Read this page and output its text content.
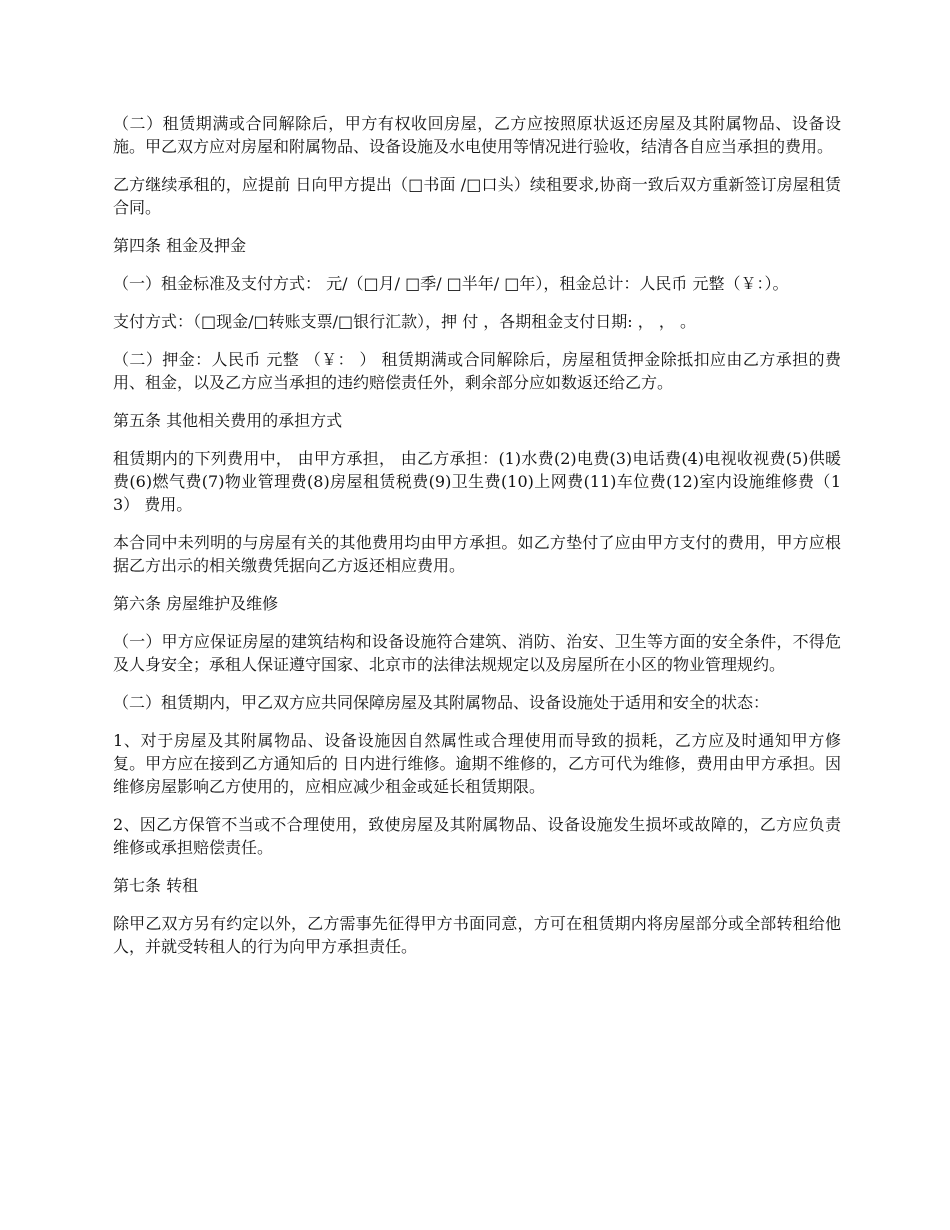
（二）租赁期满或合同解除后，甲方有权收回房屋，乙方应按照原状返还房屋及其附属物品、设备设施。甲乙双方应对房屋和附属物品、设备设施及水电使用等情况进行验收，结清各自应当承担的费用。

乙方继续承租的，应提前 日向甲方提出（□书面 /□口头）续租要求,协商一致后双方重新签订房屋租赁合同。

第四条 租金及押金

（一）租金标准及支付方式： 元/（□月/ □季/ □半年/ □年），租金总计：人民币 元整（￥：）。

支付方式：（□现金/□转账支票/□银行汇款），押 付 ，各期租金支付日期: ， ， 。

（二）押金：人民币 元整 （￥： ） 租赁期满或合同解除后，房屋租赁押金除抵扣应由乙方承担的费用、租金，以及乙方应当承担的违约赔偿责任外，剩余部分应如数返还给乙方。

第五条 其他相关费用的承担方式

租赁期内的下列费用中， 由甲方承担， 由乙方承担：(1)水费(2)电费(3)电话费(4)电视收视费(5)供暖费(6)燃气费(7)物业管理费(8)房屋租赁税费(9)卫生费(10)上网费(11)车位费(12)室内设施维修费（13） 费用。

本合同中未列明的与房屋有关的其他费用均由甲方承担。如乙方垫付了应由甲方支付的费用，甲方应根据乙方出示的相关缴费凭据向乙方返还相应费用。

第六条 房屋维护及维修

（一）甲方应保证房屋的建筑结构和设备设施符合建筑、消防、治安、卫生等方面的安全条件，不得危及人身安全；承租人保证遵守国家、北京市的法律法规规定以及房屋所在小区的物业管理规约。

（二）租赁期内，甲乙双方应共同保障房屋及其附属物品、设备设施处于适用和安全的状态：

1、对于房屋及其附属物品、设备设施因自然属性或合理使用而导致的损耗，乙方应及时通知甲方修复。甲方应在接到乙方通知后的 日内进行维修。逾期不维修的，乙方可代为维修，费用由甲方承担。因维修房屋影响乙方使用的，应相应减少租金或延长租赁期限。

2、因乙方保管不当或不合理使用，致使房屋及其附属物品、设备设施发生损坏或故障的，乙方应负责维修或承担赔偿责任。

第七条 转租

除甲乙双方另有约定以外，乙方需事先征得甲方书面同意，方可在租赁期内将房屋部分或全部转租给他人，并就受转租人的行为向甲方承担责任。
